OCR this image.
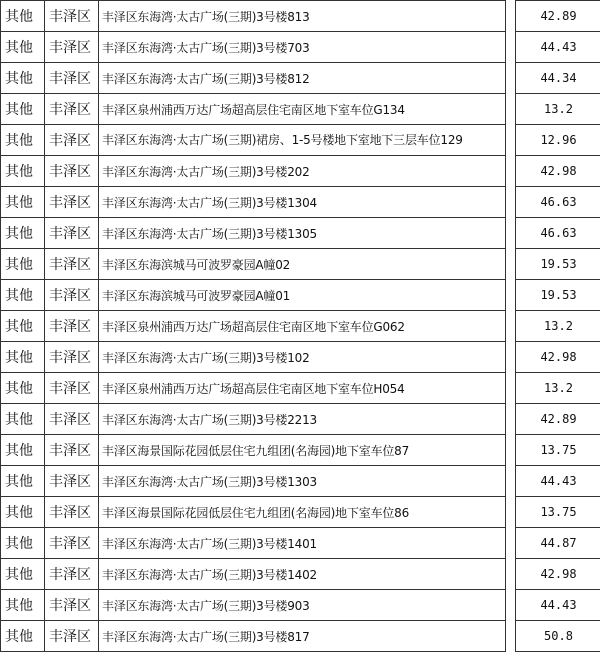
其他	丰泽区	丰泽区东海湾·太古广场(三期)3号楼813		42.89
其他	丰泽区	丰泽区东海湾·太古广场(三期)3号楼703		44.43
其他	丰泽区	丰泽区东海湾·太古广场(三期)3号楼812		44.34
其他	丰泽区	丰泽区泉州浦西万达广场超高层住宅南区地下室车位G134		13.2
其他	丰泽区	丰泽区东海湾·太古广场(三期)裙房、1-5号楼地下室地下三层车位129		12.96
其他	丰泽区	丰泽区东海湾·太古广场(三期)3号楼202		42.98
其他	丰泽区	丰泽区东海湾·太古广场(三期)3号楼1304		46.63
其他	丰泽区	丰泽区东海湾·太古广场(三期)3号楼1305		46.63
其他	丰泽区	丰泽区东海滨城马可波罗豪园A幢02		19.53
其他	丰泽区	丰泽区东海滨城马可波罗豪园A幢01		19.53
其他	丰泽区	丰泽区泉州浦西万达广场超高层住宅南区地下室车位G062		13.2
其他	丰泽区	丰泽区东海湾·太古广场(三期)3号楼102		42.98
其他	丰泽区	丰泽区泉州浦西万达广场超高层住宅南区地下室车位H054		13.2
其他	丰泽区	丰泽区东海湾·太古广场(三期)3号楼2213		42.89
其他	丰泽区	丰泽区海景国际花园低层住宅九组团(名海园)地下室车位87		13.75
其他	丰泽区	丰泽区东海湾·太古广场(三期)3号楼1303		44.43
其他	丰泽区	丰泽区海景国际花园低层住宅九组团(名海园)地下室车位86		13.75
其他	丰泽区	丰泽区东海湾·太古广场(三期)3号楼1401		44.87
其他	丰泽区	丰泽区东海湾·太古广场(三期)3号楼1402		42.98
其他	丰泽区	丰泽区东海湾·太古广场(三期)3号楼903		44.43
其他	丰泽区	丰泽区东海湾·太古广场(三期)3号楼817		50.8
